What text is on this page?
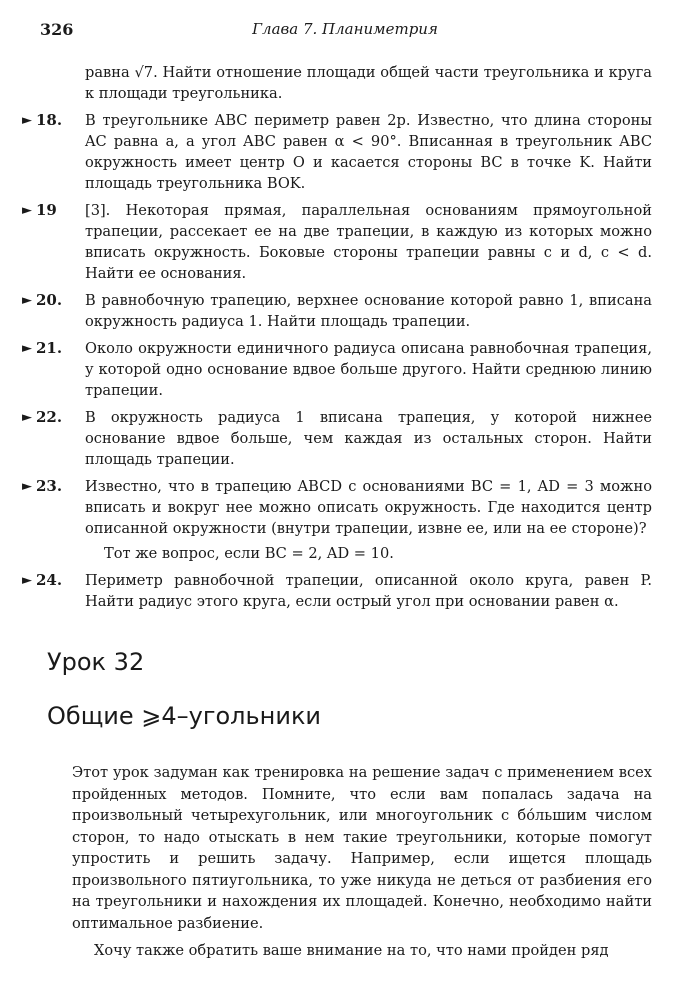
326	Глава 7. Планиметрия
равна √7. Найти отношение площади общей части треугольника и круга к площади треугольника.
► 18. В треугольнике ABC периметр равен 2p. Известно, что длина стороны AC равна a, а угол ABC равен α < 90°. Вписанная в треугольник ABC окружность имеет центр O и касается стороны BC в точке K. Найти площадь треугольника BOK.
► 19 [3]. Некоторая прямая, параллельная основаниям прямоугольной трапеции, рассекает ее на две трапеции, в каждую из которых можно вписать окружность. Боковые стороны трапеции равны c и d, c < d. Найти ее основания.
► 20. В равнобочную трапецию, верхнее основание которой равно 1, вписана окружность радиуса 1. Найти площадь трапеции.
► 21. Около окружности единичного радиуса описана равнобочная трапеция, у которой одно основание вдвое больше другого. Найти среднюю линию трапеции.
► 22. В окружность радиуса 1 вписана трапеция, у которой нижнее основание вдвое больше, чем каждая из остальных сторон. Найти площадь трапеции.
► 23. Известно, что в трапецию ABCD с основаниями BC = 1, AD = 3 можно вписать и вокруг нее можно описать окружность. Где находится центр описанной окружности (внутри трапеции, извне ее, или на ее стороне)?
Тот же вопрос, если BC = 2, AD = 10.
► 24. Периметр равнобочной трапеции, описанной около круга, равен P. Найти радиус этого круга, если острый угол при основании равен α.
Урок 32
Общие ⩾4–угольники

Этот урок задуман как тренировка на решение задач с применением всех пройденных методов. Помните, что если вам попалась задача на произвольный четырехугольник, или многоугольник с бо́льшим числом сторон, то надо отыскать в нем такие треугольники, которые помогут упростить и решить задачу. Например, если ищется площадь произвольного пятиугольника, то уже никуда не деться от разбиения его на треугольники и нахождения их площадей. Конечно, необходимо найти оптимальное разбиение.

Хочу также обратить ваше внимание на то, что нами пройден ряд
